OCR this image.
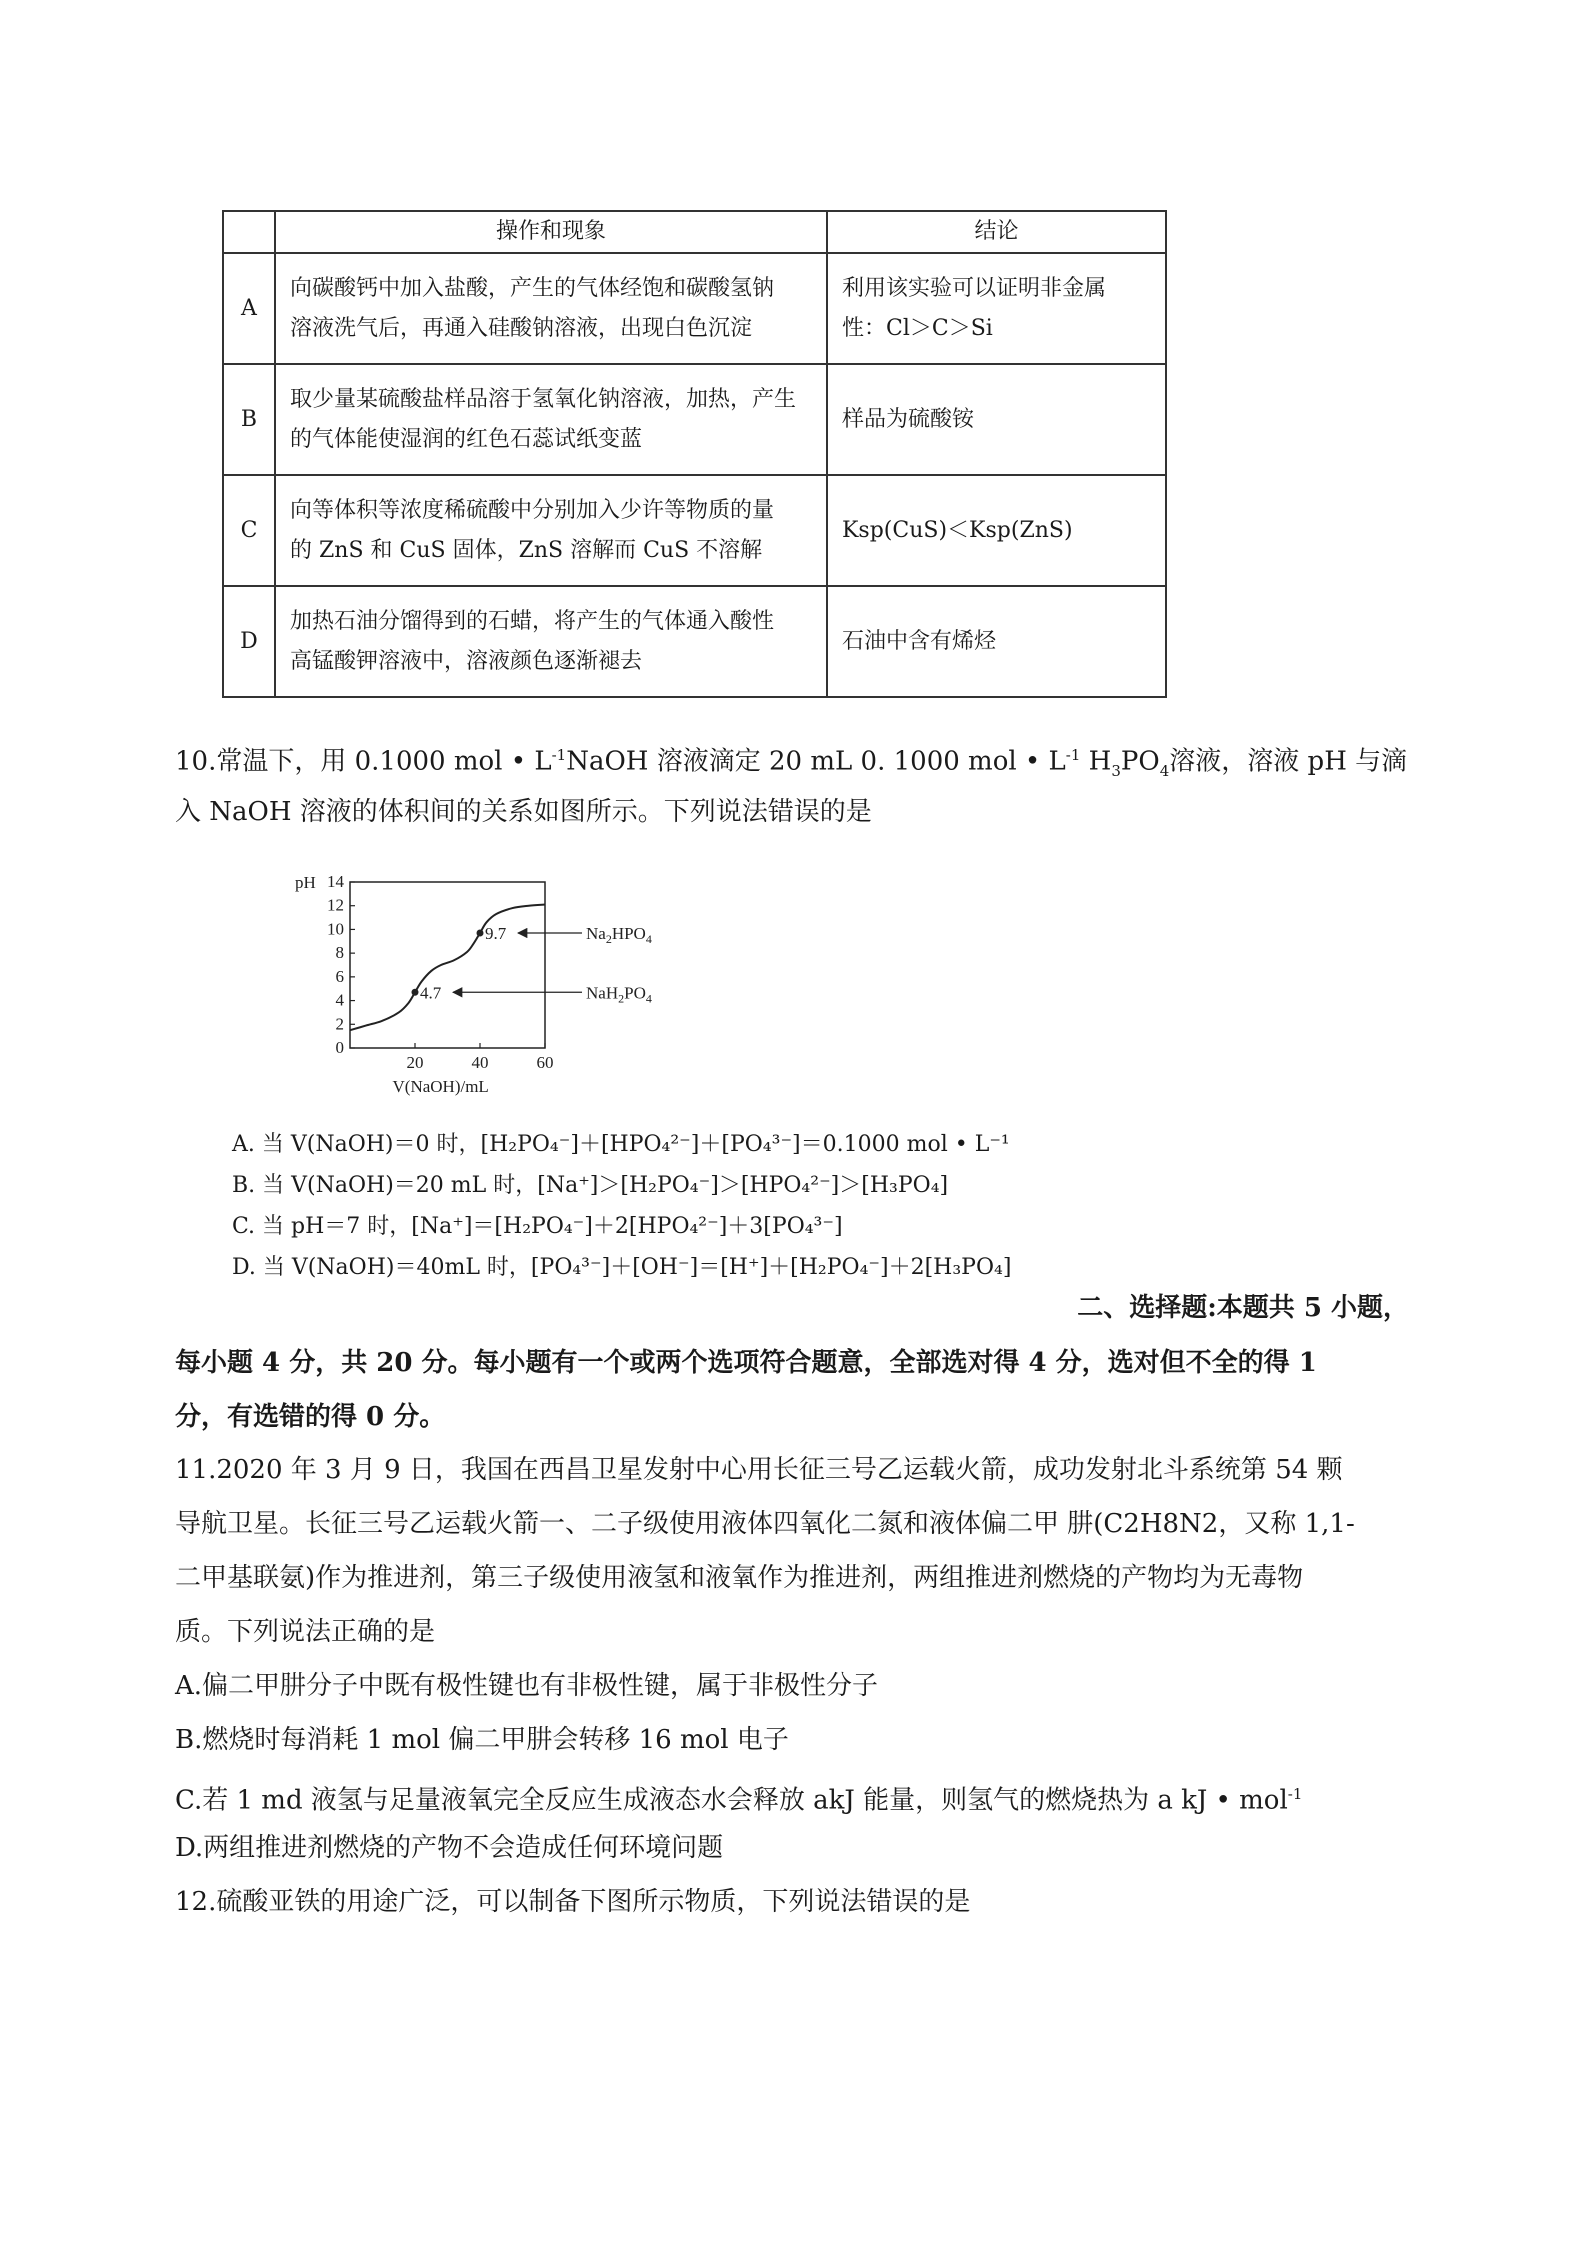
	操作和现象	结论
A	向碳酸钙中加入盐酸，产生的气体经饱和碳酸氢钠
溶液洗气后，再通入硅酸钠溶液，出现白色沉淀	利用该实验可以证明非金属
性：Cl＞C＞Si

B	取少量某硫酸盐样品溶于氢氧化钠溶液，加热，产生
的气体能使湿润的红色石蕊试纸变蓝	样品为硫酸铵

C	向等体积等浓度稀硫酸中分别加入少许等物质的量
的 ZnS 和 CuS 固体，ZnS 溶解而 CuS 不溶解	Ksp(CuS)＜Ksp(ZnS)

D	加热石油分馏得到的石蜡，将产生的气体通入酸性
高锰酸钾溶液中，溶液颜色逐渐褪去	石油中含有烯烃
10.常温下，用 0.1000 mol • $L^{-1}NaOH$ 溶液滴定 20 mL 0. 1000 mol • $L^{-1}$ $H_3PO_4$溶液，溶液 pH 与滴
入 NaOH 溶液的体积间的关系如图所示。下列说法错误的是
0
2
4
6
8
10
12
14
20	40	60
4.7	$NaH_2PO_4$
9.7	$Na_2HPO_4$
pH
V(NaOH)/mL
A. 当 V(NaOH)＝0 时，[H₂PO₄⁻]＋[HPO₄²⁻]＋[PO₄³⁻]＝0.1000 mol • L⁻¹
B. 当 V(NaOH)＝20 mL 时，[Na⁺]＞[H₂PO₄⁻]＞[HPO₄²⁻]＞[H₃PO₄]
C. 当 pH＝7 时，[Na⁺]＝[H₂PO₄⁻]＋2[HPO₄²⁻]＋3[PO₄³⁻]
D. 当 V(NaOH)＝40mL 时，[PO₄³⁻]＋[OH⁻]＝[H⁺]＋[H₂PO₄⁻]＋2[H₃PO₄]
二、选择题:本题共 5 小题，
每小题 4 分，共 20 分。每小题有一个或两个选项符合题意，全部选对得 4 分，选对但不全的得 1
分，有选错的得 0 分。
11.2020 年 3 月 9 日，我国在西昌卫星发射中心用长征三号乙运载火箭，成功发射北斗系统第 54 颗
导航卫星。长征三号乙运载火箭一、二子级使用液体四氧化二氮和液体偏二甲 肼(C2H8N2，又称 1,1-
二甲基联氨)作为推进剂，第三子级使用液氢和液氧作为推进剂，两组推进剂燃烧的产物均为无毒物
质。下列说法正确的是
A.偏二甲肼分子中既有极性键也有非极性键，属于非极性分子
B.燃烧时每消耗 1 mol 偏二甲肼会转移 16 mol 电子
C.若 1 md 液氢与足量液氧完全反应生成液态水会释放 akJ 能量，则氢气的燃烧热为 a kJ • mol$^{-1}$
D.两组推进剂燃烧的产物不会造成任何环境问题
12.硫酸亚铁的用途广泛，可以制备下图所示物质，下列说法错误的是
